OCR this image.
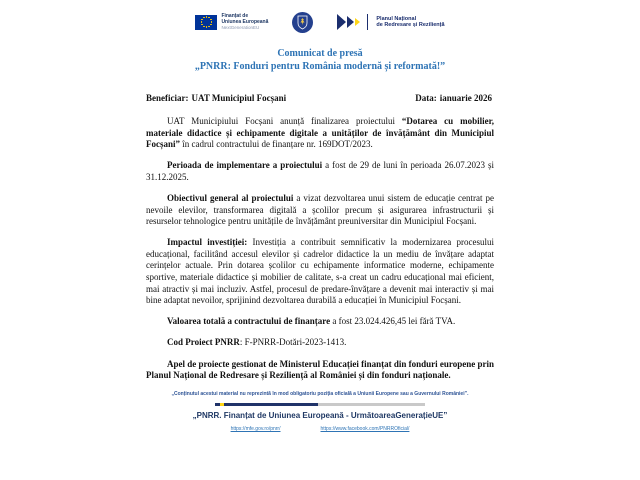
Finanțat de
Uniunea Europeană
NextGenerationEU
Planul Național
de Redresare și Reziliență
Comunicat de presă
„PNRR: Fonduri pentru România modernă și reformată!”
Beneficiar: UAT Municipiul Focșani	Data: ianuarie 2026

UAT Municipiului Focșani anunță finalizarea proiectului “Dotarea cu mobilier, materiale didactice și echipamente digitale a unităților de învățământ din Municipiul Focșani” în cadrul contractului de finanțare nr. 169DOT/2023.

Perioada de implementare a proiectului a fost de 29 de luni în perioada 26.07.2023 și 31.12.2025.

Obiectivul general al proiectului a vizat dezvoltarea unui sistem de educație centrat pe nevoile elevilor, transformarea digitală a școlilor precum și asigurarea infrastructurii și resurselor tehnologice pentru unitățile de învățământ preuniversitar din Municipiul Focșani.

Impactul investiției: Investiția a contribuit semnificativ la modernizarea procesului educațional, facilitând accesul elevilor și cadrelor didactice la un mediu de învățare adaptat cerințelor actuale. Prin dotarea școlilor cu echipamente informatice moderne, echipamente sportive, materiale didactice și mobilier de calitate, s-a creat un cadru educațional mai eficient, mai atractiv și mai incluziv. Astfel, procesul de predare-învățare a devenit mai interactiv și mai bine adaptat nevoilor, sprijinind dezvoltarea durabilă a educației în Municipiul Focșani.

Valoarea totală a contractului de finanțare a fost 23.024.426,45 lei fără TVA.

Cod Proiect PNRR: F-PNRR-Dotări-2023-1413.

Apel de proiecte gestionat de Ministerul Educației finanțat din fonduri europene prin Planul Național de Redresare și Reziliență al României și din fonduri naționale.

„Conținutul acestui material nu reprezintă în mod obligatoriu poziția oficială a Uniunii Europene sau a Guvernului României”.
„PNRR. Finanțat de Uniunea Europeană - UrmătoareaGenerațieUE”
https://mfe.gov.ro/pnrr/	https://www.facebook.com/PNRROficial/
